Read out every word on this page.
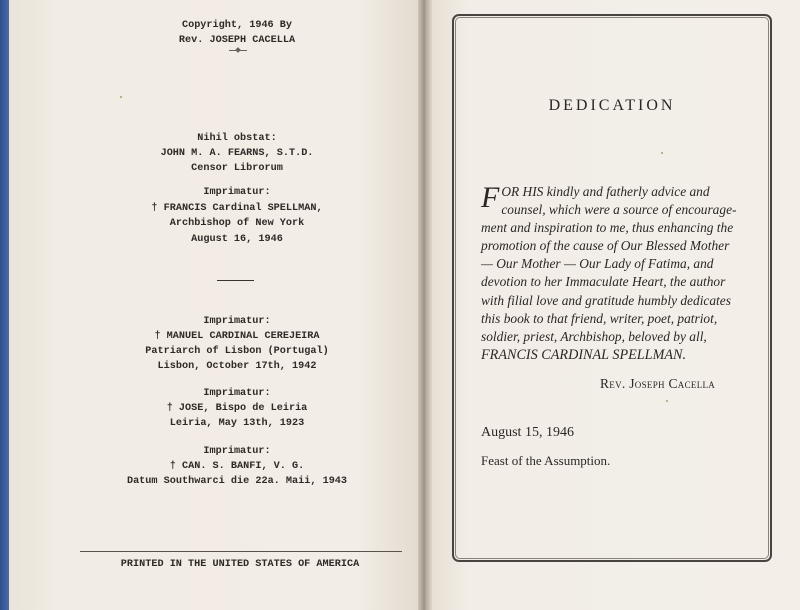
Copyright, 1946 By
Rev. JOSEPH CACELLA
Nihil obstat:
JOHN M. A. FEARNS, S.T.D.
Censor Librorum
Imprimatur:
† FRANCIS Cardinal SPELLMAN,
Archbishop of New York
August 16, 1946
Imprimatur:
† MANUEL CARDINAL CEREJEIRA
Patriarch of Lisbon (Portugal)
Lisbon, October 17th, 1942
Imprimatur:
† JOSE, Bispo de Leiria
Leiria, May 13th, 1923
Imprimatur:
† CAN. S. BANFI, V. G.
Datum Southwarci die 22a. Maii, 1943
PRINTED IN THE UNITED STATES OF AMERICA
DEDICATION
F OR HIS kindly and fatherly advice and
counsel, which were a source of encourage-
ment and inspiration to me, thus enhancing the
promotion of the cause of Our Blessed Mother
— Our Mother — Our Lady of Fatima, and
devotion to her Immaculate Heart, the author
with filial love and gratitude humbly dedicates
this book to that friend, writer, poet, patriot,
soldier, priest, Archbishop, beloved by all,
FRANCIS CARDINAL SPELLMAN.
Rev. Joseph Cacella
August 15, 1946
Feast of the Assumption.
